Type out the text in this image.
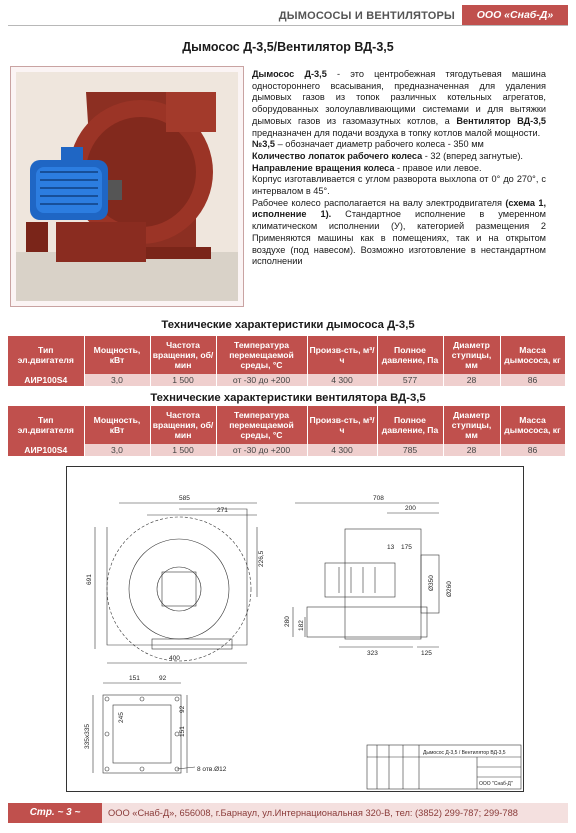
ДЫМОСОСЫ И ВЕНТИЛЯТОРЫ	ООО «Снаб-Д»
Дымосос Д-3,5/Вентилятор ВД-3,5

Дымосос Д-3,5 - это центробежная тягодутьевая машина одностороннего всасывания, предназначенная для удаления дымовых газов из топок различных котельных агрегатов, оборудованных золоулавливающими системами и для вытяжки дымовых газов из газомазутных котлов, а Вентилятор ВД-3,5 предназначен для подачи воздуха в топку котлов малой мощности.

№3,5 – обозначает диаметр рабочего колеса - 350 мм

Количество лопаток рабочего колеса - 32 (вперед загнутые).

Направление вращения колеса - правое или левое.

Корпус изготавливается с углом разворота выхлопа от 0° до 270°, с интервалом в 45°.

Рабочее колесо располагается на валу электродвигателя (схема 1, исполнение 1). Стандартное исполнение в умеренном климатическом исполнении (У), категорией размещения 2 Применяются машины как в помещениях, так и на открытом воздухе (под навесом). Возможно изготовление в нестандартном исполнении

Технические характеристики дымососа Д-3,5
Тип эл.двигателя	Мощность, кВт	Частота вращения, об/мин	Температура перемещаемой среды, °С	Произв-сть, м³/ч	Полное давление, Па	Диаметр ступицы, мм	Масса дымососа, кг
АИР100S4	3,0	1 500	от -30 до +200	4 300	577	28	86
Технические характеристики вентилятора ВД-3,5
Тип эл.двигателя	Мощность, кВт	Частота вращения, об/мин	Температура перемещаемой среды, °С	Произв-сть, м³/ч	Полное давление, Па	Диаметр ступицы, мм	Масса дымососа, кг
АИР100S4	3,0	1 500	от -30 до +200	4 300	785	28	86
585
271
226,5
691
400
708
200
175
13
Ø350 Ø260
280 182
323	125
151	92
245
335х335	151
92
8 отв.Ø12
Дымосос Д-3,5 / Вентилятор ВД-3,5
ООО "Снаб-Д"
Стр. ~ 3 ~	ООО «Снаб-Д», 656008, г.Барнаул, ул.Интернациональная 320-В, тел: (3852) 299-787; 299-788
